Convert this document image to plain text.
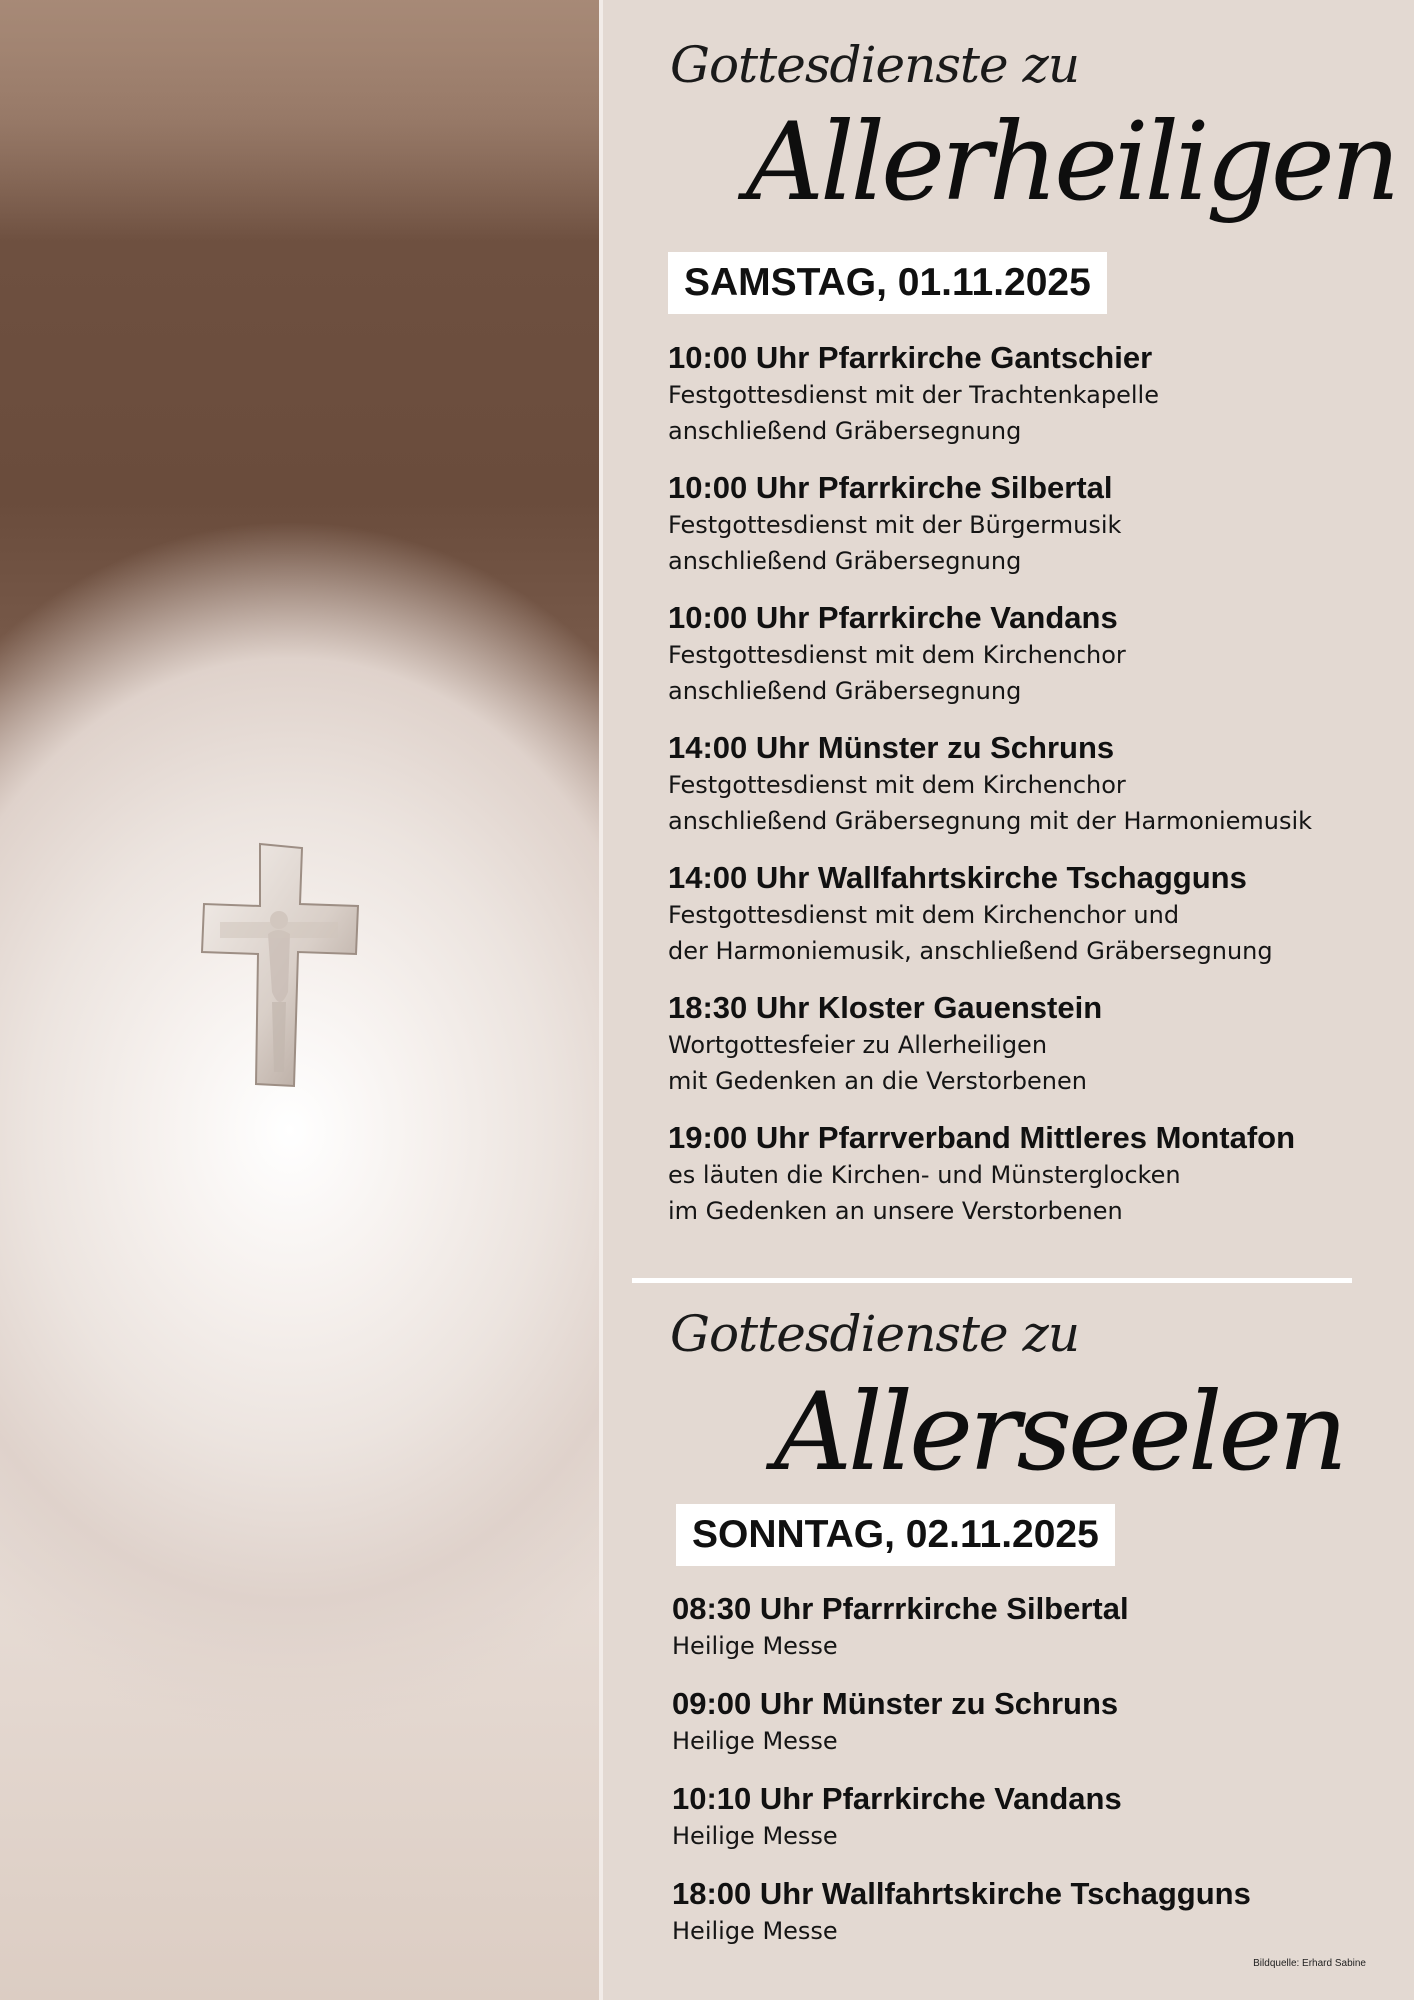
Gottesdienste zu
Allerheiligen
SAMSTAG, 01.11.2025
10:00 Uhr Pfarrkirche Gantschier
Festgottesdienst mit der Trachtenkapelle
anschließend Gräbersegnung
10:00 Uhr Pfarrkirche Silbertal
Festgottesdienst mit der Bürgermusik
anschließend Gräbersegnung
10:00 Uhr Pfarrkirche Vandans
Festgottesdienst mit dem Kirchenchor
anschließend Gräbersegnung
14:00 Uhr Münster zu Schruns
Festgottesdienst mit dem Kirchenchor
anschließend Gräbersegnung mit der Harmoniemusik
14:00 Uhr Wallfahrtskirche Tschagguns
Festgottesdienst mit dem Kirchenchor und
der Harmoniemusik, anschließend Gräbersegnung
18:30 Uhr Kloster Gauenstein
Wortgottesfeier zu Allerheiligen
mit Gedenken an die Verstorbenen
19:00 Uhr Pfarrverband Mittleres Montafon
es läuten die Kirchen- und Münsterglocken
im Gedenken an unsere Verstorbenen
Gottesdienste zu
Allerseelen
SONNTAG, 02.11.2025
08:30 Uhr Pfarrrkirche Silbertal
Heilige Messe
09:00 Uhr Münster zu Schruns
Heilige Messe
10:10 Uhr Pfarrkirche Vandans
Heilige Messe
18:00 Uhr Wallfahrtskirche Tschagguns
Heilige Messe
Bildquelle: Erhard Sabine
